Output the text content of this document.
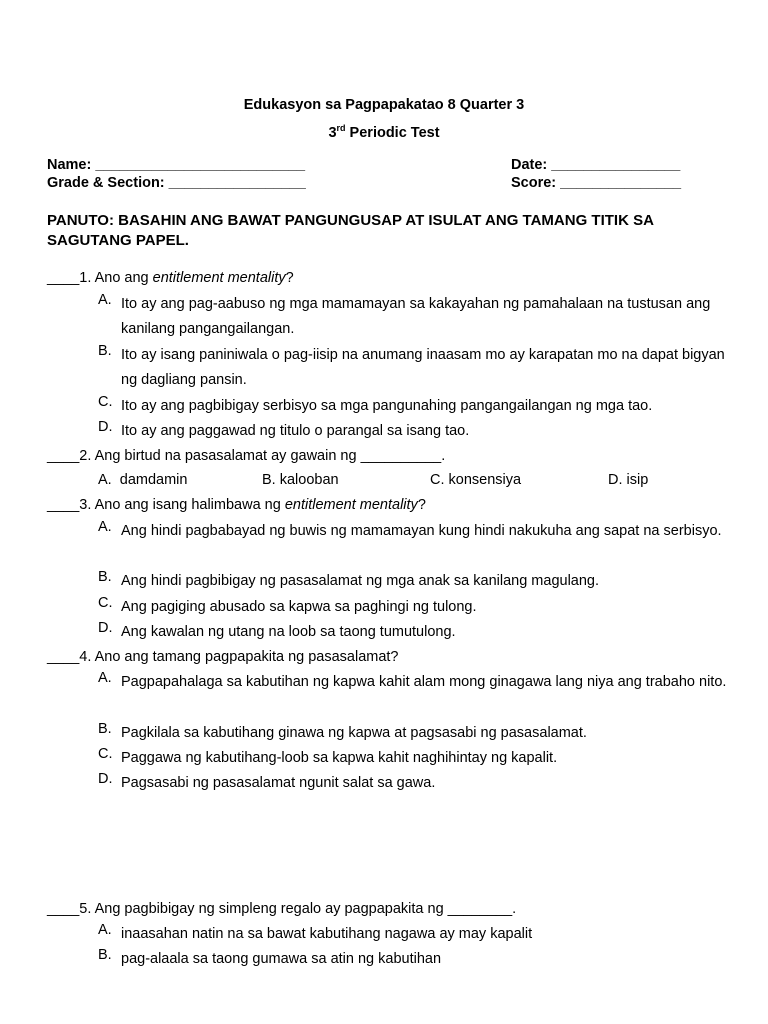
Edukasyon sa Pagpapakatao 8 Quarter 3
3rd Periodic Test
Name: __________________________	Date: ________________
Grade & Section: _________________	Score: _______________
PANUTO: BASAHIN ANG BAWAT PANGUNGUSAP AT ISULAT ANG TAMANG TITIK SA SAGUTANG PAPEL.
____1. Ano ang entitlement mentality?
A. Ito ay ang pag-aabuso ng mga mamamayan sa kakayahan ng pamahalaan na tustusan ang kanilang pangangailangan.
B. Ito ay isang paniniwala o pag-iisip na anumang inaasam mo ay karapatan mo na dapat bigyan ng dagliang pansin.
C. Ito ay ang pagbibigay serbisyo sa mga pangunahing pangangailangan ng mga tao.
D. Ito ay ang paggawad ng titulo o parangal sa isang tao.
____2. Ang birtud na pasasalamat ay gawain ng __________.
A. damdamin	B. kalooban	C. konsensiya	D. isip
____3. Ano ang isang halimbawa ng entitlement mentality?
A. Ang hindi pagbabayad ng buwis ng mamamayan kung hindi nakukuha ang sapat na serbisyo.
B. Ang hindi pagbibigay ng pasasalamat ng mga anak sa kanilang magulang.
C. Ang pagiging abusado sa kapwa sa paghingi ng tulong.
D. Ang kawalan ng utang na loob sa taong tumutulong.
____4. Ano ang tamang pagpapakita ng pasasalamat?
A. Pagpapahalaga sa kabutihan ng kapwa kahit alam mong ginagawa lang niya ang trabaho nito.
B. Pagkilala sa kabutihang ginawa ng kapwa at pagsasabi ng pasasalamat.
C. Paggawa ng kabutihang-loob sa kapwa kahit naghihintay ng kapalit.
D. Pagsasabi ng pasasalamat ngunit salat sa gawa.
____5. Ang pagbibigay ng simpleng regalo ay pagpapakita ng ________.
A. inaasahan natin na sa bawat kabutihang nagawa ay may kapalit
B. pag-alaala sa taong gumawa sa atin ng kabutihan
